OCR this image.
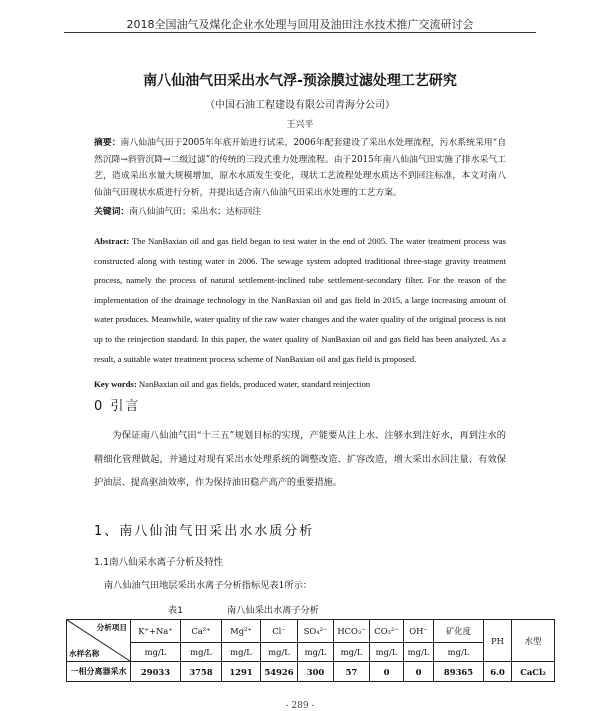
2018全国油气及煤化企业水处理与回用及油田注水技术推广交流研讨会
南八仙油气田采出水气浮-预涂膜过滤处理工艺研究
（中国石油工程建设有限公司青海分公司）
王兴平
摘要：南八仙油气田于2005年年底开始进行试采，2006年配套建设了采出水处理流程，污水系统采用“自然沉降→斜管沉降→二级过滤”的传统的三段式重力处理流程。由于2015年南八仙油气田实施了排水采气工艺，造成采出水量大规模增加，原水水质发生变化，现状工艺流程处理水质达不到回注标准，本文对南八仙油气田现状水质进行分析，并提出适合南八仙油气田采出水处理的工艺方案。
关键词：南八仙油气田；采出水；达标回注
Abstract: The NanBaxian oil and gas field began to test water in the end of 2005. The water treatment process was constructed along with testing water in 2006. The sewage system adopted traditional three-stage gravity treatment process, namely the process of natural settlement-inclined tube settlement-secondary filter. For the reason of the implementation of the drainage technology in the NanBaxian oil and gas field in 2015, a large increasing amount of water produces. Meanwhile, water quality of the raw water changes and the water quality of the original process is not up to the reinjection standard. In this paper, the water quality of NanBaxian oil and gas field has been analyzed. As a result, a suitable water treatment process scheme of NanBaxian oil and gas field is proposed.
Key words: NanBaxian oil and gas fields, produced water, standard reinjection
0 引言
为保证南八仙油气田“十三五”规划目标的实现，产能要从注上水、注够水到注好水，再到注水的精细化管理做起，并通过对现有采出水处理系统的调整改造、扩容改造，增大采出水回注量、有效保护油层、提高驱油效率，作为保持油田稳产高产的重要措施。
1、南八仙油气田采出水水质分析
1.1南八仙采水离子分析及特性
南八仙油气田地层采出水离子分析指标见表1所示：
表1	南八仙采出水离子分析
分析项目
水样名称	K⁺+Na⁺	Ca²⁺	Mg²⁺	Cl⁻	SO₄²⁻	HCO₃⁻	CO₃²⁻	OH⁻	矿化度	PH	水型
	mg/L	mg/L	mg/L	mg/L	mg/L	mg/L	mg/L	mg/L	mg/L		
一相分离器采水	29033	3758	1291	54926	300	57	0	0	89365	6.0	CaCl₂
- 289 -
